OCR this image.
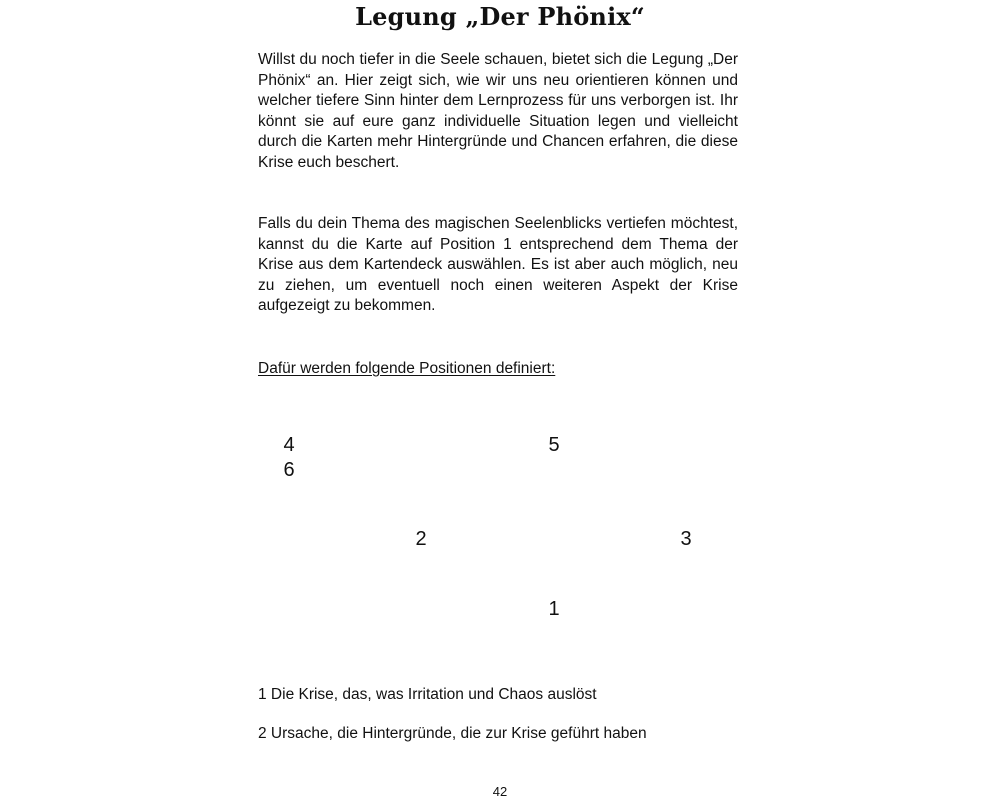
Legung „Der Phönix“

Willst du noch tiefer in die Seele schauen, bietet sich die Legung „Der Phönix“ an. Hier zeigt sich, wie wir uns neu orientieren können und welcher tiefere Sinn hinter dem Lernprozess für uns verborgen ist. Ihr könnt sie auf eure ganz individuelle Situation legen und vielleicht durch die Karten mehr Hintergründe und Chancen erfahren, die diese Krise euch beschert.

Falls du dein Thema des magischen Seelenblicks vertiefen möchtest, kannst du die Karte auf Position 1 entsprechend dem Thema der Krise aus dem Kartendeck auswählen. Es ist aber auch möglich, neu zu ziehen, um eventuell noch einen weiteren Aspekt der Krise aufgezeigt zu bekommen.

Dafür werden folgende Positionen definiert:
4
6
5
2	3
1
1 Die Krise, das, was Irritation und Chaos auslöst
2 Ursache, die Hintergründe, die zur Krise geführt haben
42
